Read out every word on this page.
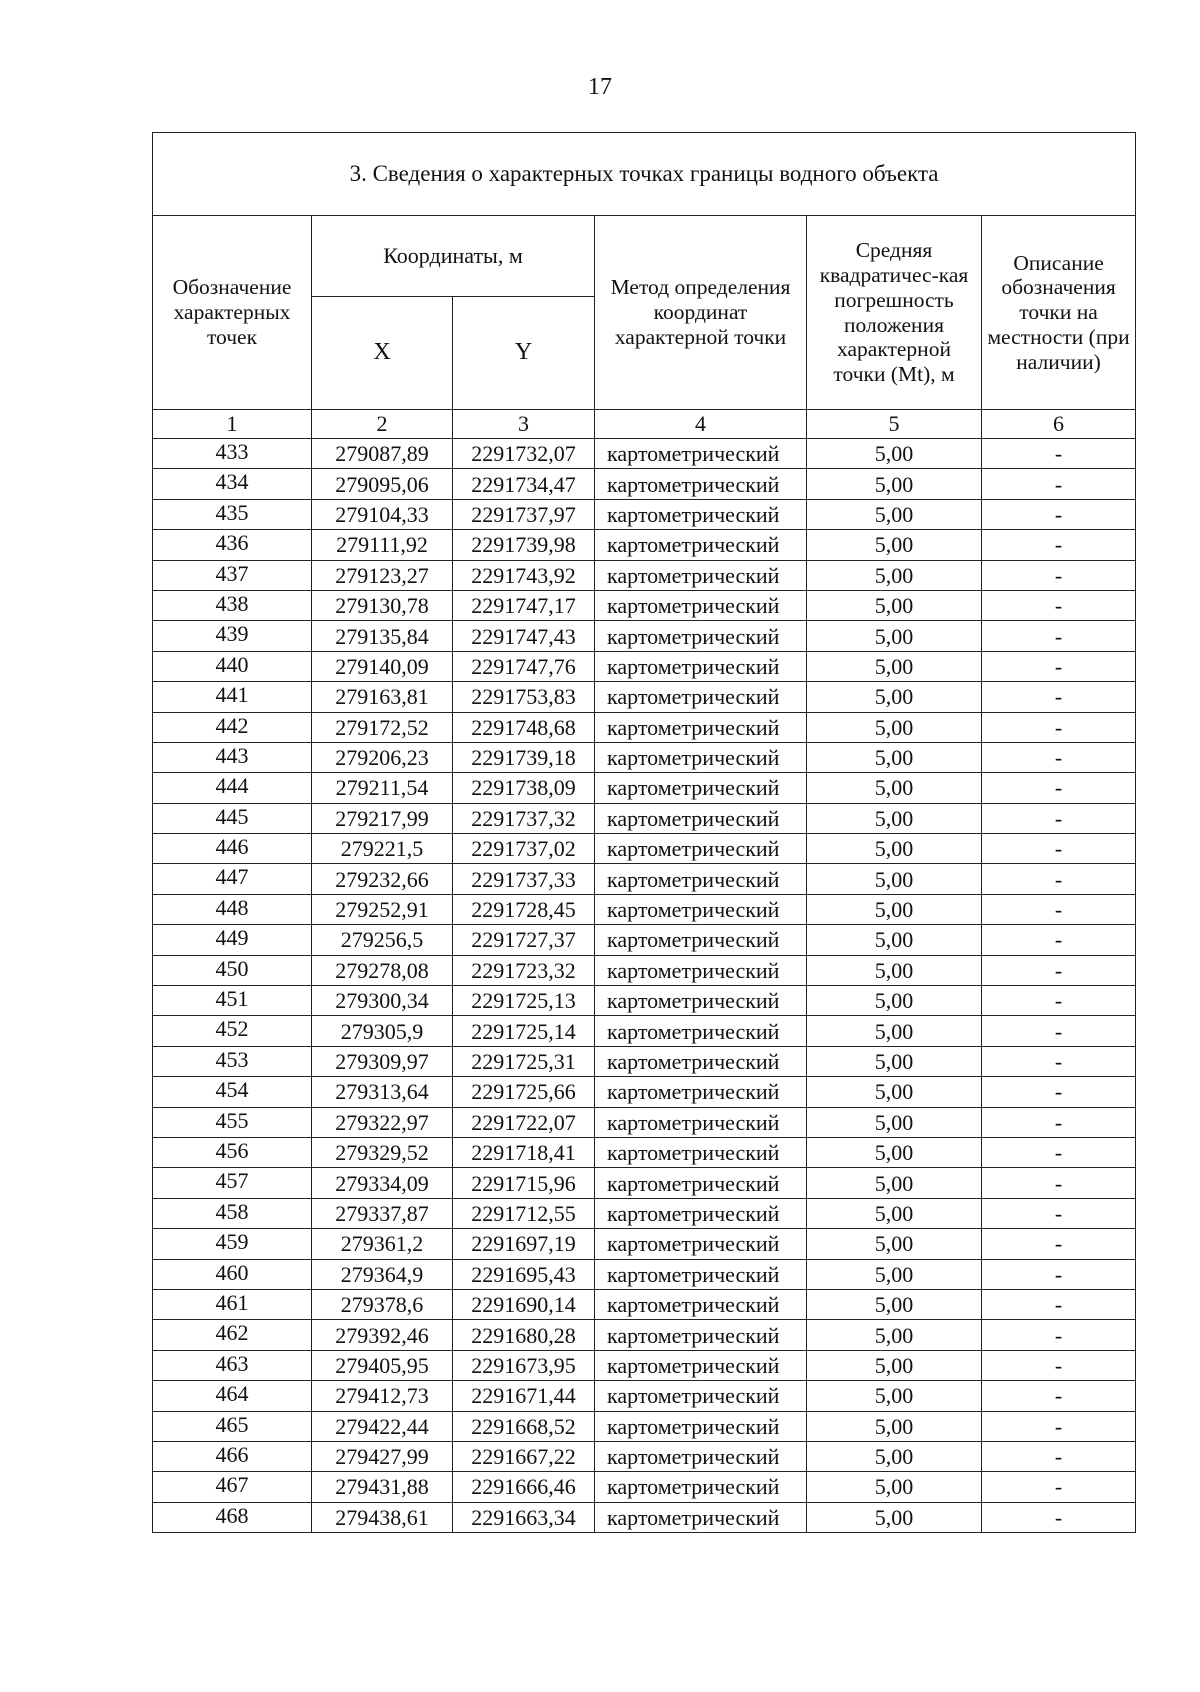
17
3. Сведения о характерных точках границы водного объекта					
Обозначение характерных точек	Координаты, м		Метод определения координат характерной точки	Средняя квадратичес-кая погрешность положения характерной точки (Mt), м	Описание обозначения точки на местности (при наличии)
	X	Y			
1	2	3	4	5	6
433	279087,89	2291732,07	картометрический	5,00	-
434	279095,06	2291734,47	картометрический	5,00	-
435	279104,33	2291737,97	картометрический	5,00	-
436	279111,92	2291739,98	картометрический	5,00	-
437	279123,27	2291743,92	картометрический	5,00	-
438	279130,78	2291747,17	картометрический	5,00	-
439	279135,84	2291747,43	картометрический	5,00	-
440	279140,09	2291747,76	картометрический	5,00	-
441	279163,81	2291753,83	картометрический	5,00	-
442	279172,52	2291748,68	картометрический	5,00	-
443	279206,23	2291739,18	картометрический	5,00	-
444	279211,54	2291738,09	картометрический	5,00	-
445	279217,99	2291737,32	картометрический	5,00	-
446	279221,5	2291737,02	картометрический	5,00	-
447	279232,66	2291737,33	картометрический	5,00	-
448	279252,91	2291728,45	картометрический	5,00	-
449	279256,5	2291727,37	картометрический	5,00	-
450	279278,08	2291723,32	картометрический	5,00	-
451	279300,34	2291725,13	картометрический	5,00	-
452	279305,9	2291725,14	картометрический	5,00	-
453	279309,97	2291725,31	картометрический	5,00	-
454	279313,64	2291725,66	картометрический	5,00	-
455	279322,97	2291722,07	картометрический	5,00	-
456	279329,52	2291718,41	картометрический	5,00	-
457	279334,09	2291715,96	картометрический	5,00	-
458	279337,87	2291712,55	картометрический	5,00	-
459	279361,2	2291697,19	картометрический	5,00	-
460	279364,9	2291695,43	картометрический	5,00	-
461	279378,6	2291690,14	картометрический	5,00	-
462	279392,46	2291680,28	картометрический	5,00	-
463	279405,95	2291673,95	картометрический	5,00	-
464	279412,73	2291671,44	картометрический	5,00	-
465	279422,44	2291668,52	картометрический	5,00	-
466	279427,99	2291667,22	картометрический	5,00	-
467	279431,88	2291666,46	картометрический	5,00	-
468	279438,61	2291663,34	картометрический	5,00	-
